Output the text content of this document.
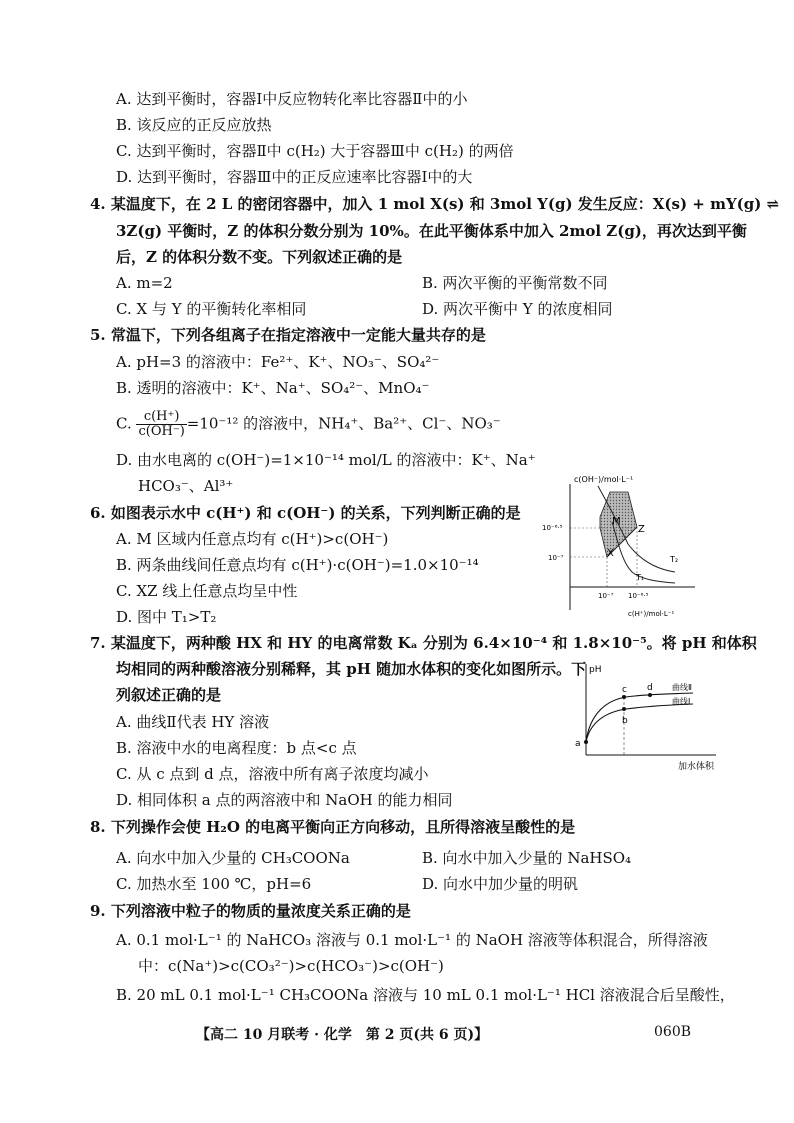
A. 达到平衡时，容器Ⅰ中反应物转化率比容器Ⅱ中的小
B. 该反应的正反应放热
C. 达到平衡时，容器Ⅱ中 c(H₂) 大于容器Ⅲ中 c(H₂) 的两倍
D. 达到平衡时，容器Ⅲ中的正反应速率比容器Ⅰ中的大
4. 某温度下，在 2 L 的密闭容器中，加入 1 mol X(s) 和 3mol Y(g) 发生反应：X(s) + mY(g) ⇌
3Z(g) 平衡时，Z 的体积分数分别为 10%。在此平衡体系中加入 2mol Z(g)，再次达到平衡
后，Z 的体积分数不变。下列叙述正确的是
A. m=2	B. 两次平衡的平衡常数不同
C. X 与 Y 的平衡转化率相同	D. 两次平衡中 Y 的浓度相同
5. 常温下，下列各组离子在指定溶液中一定能大量共存的是
A. pH=3 的溶液中：Fe²⁺、K⁺、NO₃⁻、SO₄²⁻
B. 透明的溶液中：K⁺、Na⁺、SO₄²⁻、MnO₄⁻
C. $\frac{c(H^+)}{c(OH^-)} =10^{-12}$ 的溶液中，NH₄⁺、Ba²⁺、Cl⁻、NO₃⁻
D. 由水电离的 c(OH⁻)=1×10⁻¹⁴ mol/L 的溶液中：K⁺、Na⁺
HCO₃⁻、Al³⁺
6. 如图表示水中 c(H⁺) 和 c(OH⁻) 的关系，下列判断正确的是
A. M 区域内任意点均有 c(H⁺)>c(OH⁻)
B. 两条曲线间任意点均有 c(H⁺)·c(OH⁻)=1.0×10⁻¹⁴
C. XZ 线上任意点均呈中性
D. 图中 T₁>T₂
c(OH⁻)/mol·L⁻¹
c(H⁺)/mol·L⁻¹
10⁻⁶·⁵
10⁻⁷
10⁻⁷ 10⁻⁶·⁵
M
X
Z
T₂
T₁
7. 某温度下，两种酸 HX 和 HY 的电离常数 Kₐ 分别为 6.4×10⁻⁴ 和 1.8×10⁻⁵。将 pH 和体积
均相同的两种酸溶液分别稀释，其 pH 随加水体积的变化如图所示。下
列叙述正确的是
A. 曲线Ⅱ代表 HY 溶液
B. 溶液中水的电离程度：b 点<c 点
C. 从 c 点到 d 点，溶液中所有离子浓度均减小
D. 相同体积 a 点的两溶液中和 NaOH 的能力相同
pH
加水体积
a
b
c d 曲线Ⅱ
曲线Ⅰ
8. 下列操作会使 H₂O 的电离平衡向正方向移动，且所得溶液呈酸性的是
A. 向水中加入少量的 CH₃COONa	B. 向水中加入少量的 NaHSO₄
C. 加热水至 100 ℃，pH=6	D. 向水中加少量的明矾
9. 下列溶液中粒子的物质的量浓度关系正确的是
A. 0.1 mol·L⁻¹ 的 NaHCO₃ 溶液与 0.1 mol·L⁻¹ 的 NaOH 溶液等体积混合，所得溶液
中：c(Na⁺)>c(CO₃²⁻)>c(HCO₃⁻)>c(OH⁻)
B. 20 mL 0.1 mol·L⁻¹ CH₃COONa 溶液与 10 mL 0.1 mol·L⁻¹ HCl 溶液混合后呈酸性，
【高二 10 月联考 · 化学　第 2 页(共 6 页)】	060B
